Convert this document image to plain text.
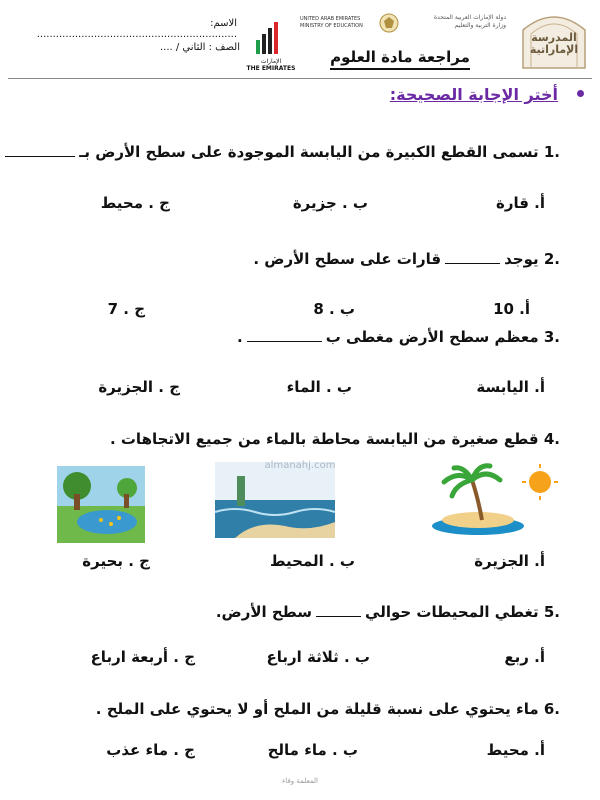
المدرسة
الإماراتية
دولة الإمارات العربية المتحدة
وزارة التربية والتعليم
UNITED ARAB EMIRATES
MINISTRY OF EDUCATION
الإمارات
THE EMIRATES
الاسم: ...............................................................
الصف : الثاني / ....
مراجعة مادة العلوم
أختر الإجابة الصحيحة:
.1 تسمى القطع الكبيرة من اليابسة الموجودة على سطح الأرض بـ
أ. قارة
ب . جزيرة
ج . محيط
.2 يوجدقارات على سطح الأرض .
أ. 10
ب . 8
ج . 7
.3 معظم سطح الأرض مغطى ب.
أ. اليابسة
ب . الماء
ج . الجزيرة
.4 قطع صغيرة من اليابسة محاطة بالماء من جميع الاتجاهات .
almanahj.com
أ. الجزيرة
ب . المحيط
ج . بحيرة
.5 تغطي المحيطات حواليسطح الأرض.
أ. ربع
ب . ثلاثة ارباع
ج . أربعة ارباع
.6 ماء يحتوي على نسبة قليلة من الملح أو لا يحتوي على الملح .
أ. محيط
ب . ماء مالح
ج . ماء عذب
المعلمة وفاء
